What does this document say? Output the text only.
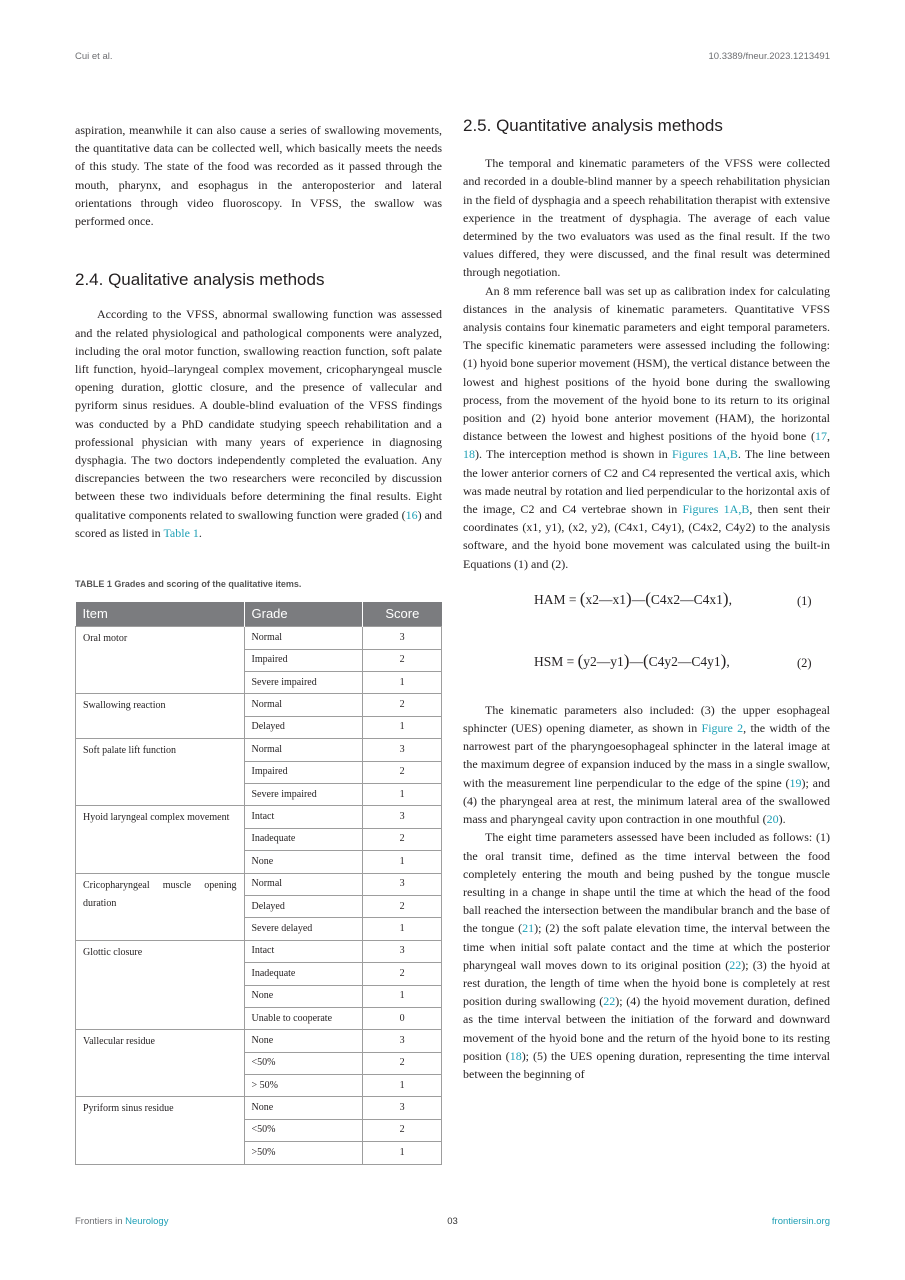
Cui et al.	10.3389/fneur.2023.1213491

aspiration, meanwhile it can also cause a series of swallowing movements, the quantitative data can be collected well, which basically meets the needs of this study. The state of the food was recorded as it passed through the mouth, pharynx, and esophagus in the anteroposterior and lateral orientations through video fluoroscopy. In VFSS, the swallow was performed once.

2.4. Qualitative analysis methods

According to the VFSS, abnormal swallowing function was assessed and the related physiological and pathological components were analyzed, including the oral motor function, swallowing reaction function, soft palate lift function, hyoid–laryngeal complex movement, cricopharyngeal muscle opening duration, glottic closure, and the presence of vallecular and pyriform sinus residues. A double-blind evaluation of the VFSS findings was conducted by a PhD candidate studying speech rehabilitation and a professional physician with many years of experience in diagnosing dysphagia. The two doctors independently completed the evaluation. Any discrepancies between the two researchers were reconciled by discussion between these two individuals before determining the final results. Eight qualitative components related to swallowing function were graded (16) and scored as listed in Table 1.

TABLE 1 Grades and scoring of the qualitative items.

Item	Grade	Score
Oral motor	Normal	3
	Impaired	2
	Severe impaired	1
Swallowing reaction	Normal	2
	Delayed	1
Soft palate lift function	Normal	3
	Impaired	2
	Severe impaired	1
Hyoid laryngeal complex movement	Intact	3
	Inadequate	2
	None	1
Cricopharyngeal muscle opening duration	Normal	3
	Delayed	2
	Severe delayed	1
Glottic closure	Intact	3
	Inadequate	2
	None	1
	Unable to cooperate	0
Vallecular residue	None	3
	<50%	2
	> 50%	1
Pyriform sinus residue	None	3
	<50%	2
	>50%	1
2.5. Quantitative analysis methods

The temporal and kinematic parameters of the VFSS were collected and recorded in a double-blind manner by a speech rehabilitation physician in the field of dysphagia and a speech rehabilitation therapist with extensive experience in the treatment of dysphagia. The average of each value determined by the two evaluators was used as the final result. If the two values differed, they were discussed, and the final result was determined through negotiation.

An 8 mm reference ball was set up as calibration index for calculating distances in the analysis of kinematic parameters. Quantitative VFSS analysis contains four kinematic parameters and eight temporal parameters. The specific kinematic parameters were assessed including the following: (1) hyoid bone superior movement (HSM), the vertical distance between the lowest and highest positions of the hyoid bone during the swallowing process, from the movement of the hyoid bone to its return to its original position and (2) hyoid bone anterior movement (HAM), the horizontal distance between the lowest and highest positions of the hyoid bone (17, 18). The interception method is shown in Figures 1A,B. The line between the lower anterior corners of C2 and C4 represented the vertical axis, which was made neutral by rotation and lied perpendicular to the horizontal axis of the image, C2 and C4 vertebrae shown in Figures 1A,B, then sent their coordinates (x1, y1), (x2, y2), (C4x1, C4y1), (C4x2, C4y2) to the analysis software, and the hyoid bone movement was calculated using the built-in Equations (1) and (2).

HAM = (x2—x1)—(C4x2—C4x1),	(1)
HSM = (y2—y1)—(C4y2—C4y1),	(2)

The kinematic parameters also included: (3) the upper esophageal sphincter (UES) opening diameter, as shown in Figure 2, the width of the narrowest part of the pharyngoesophageal sphincter in the lateral image at the maximum degree of expansion induced by the mass in a single swallow, with the measurement line perpendicular to the edge of the spine (19); and (4) the pharyngeal area at rest, the minimum lateral area of the swallowed mass and pharyngeal cavity upon contraction in one mouthful (20).

The eight time parameters assessed have been included as follows: (1) the oral transit time, defined as the time interval between the food completely entering the mouth and being pushed by the tongue muscle resulting in a change in shape until the time at which the head of the food ball reached the intersection between the mandibular branch and the base of the tongue (21); (2) the soft palate elevation time, the interval between the time when initial soft palate contact and the time at which the posterior pharyngeal wall moves down to its original position (22); (3) the hyoid at rest duration, the length of time when the hyoid bone is completely at rest position during swallowing (22); (4) the hyoid movement duration, defined as the time interval between the initiation of the forward and downward movement of the hyoid bone and the return of the hyoid bone to its resting position (18); (5) the UES opening duration, representing the time interval between the beginning of

Frontiers in Neurology	03	frontiersin.org
